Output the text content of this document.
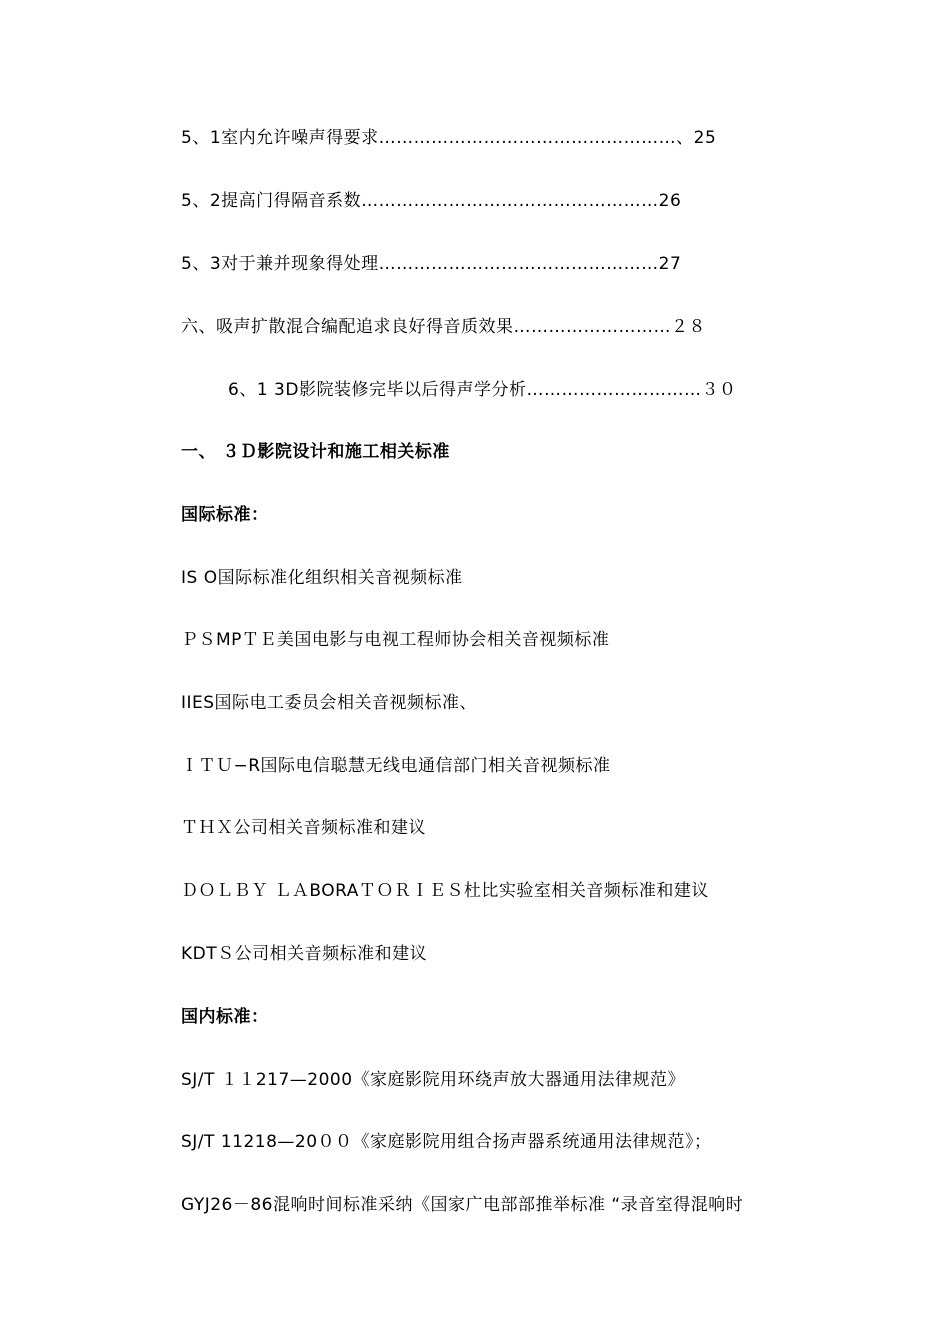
5、1室内允许噪声得要求……………………………………………、25
5、2提高门得隔音系数……………………………………………26
5、3对于兼并现象得处理…………………………………………27
六、吸声扩散混合编配追求良好得音质效果………………………２８
6、1 3D影院装修完毕以后得声学分析…………………………３０
一、 ３Ｄ影院设计和施工相关标准
国际标准：
IS O国际标准化组织相关音视频标准
ＰＳMPＴＥ美国电影与电视工程师协会相关音视频标准
IIES国际电工委员会相关音视频标准、
ＩＴＵ−R国际电信聪慧无线电通信部门相关音视频标准
ＴＨＸ公司相关音频标准和建议
ＤＯＬＢＹ ＬＡBORAＴＯＲＩＥＳ杜比实验室相关音频标准和建议
KDTＳ公司相关音频标准和建议
国内标准：
SJ/T １１217—2000《家庭影院用环绕声放大器通用法律规范》
SJ/T 11218—20００《家庭影院用组合扬声器系统通用法律规范》；
GYJ26－86混响时间标准采纳《国家广电部部推举标准 “录音室得混响时
